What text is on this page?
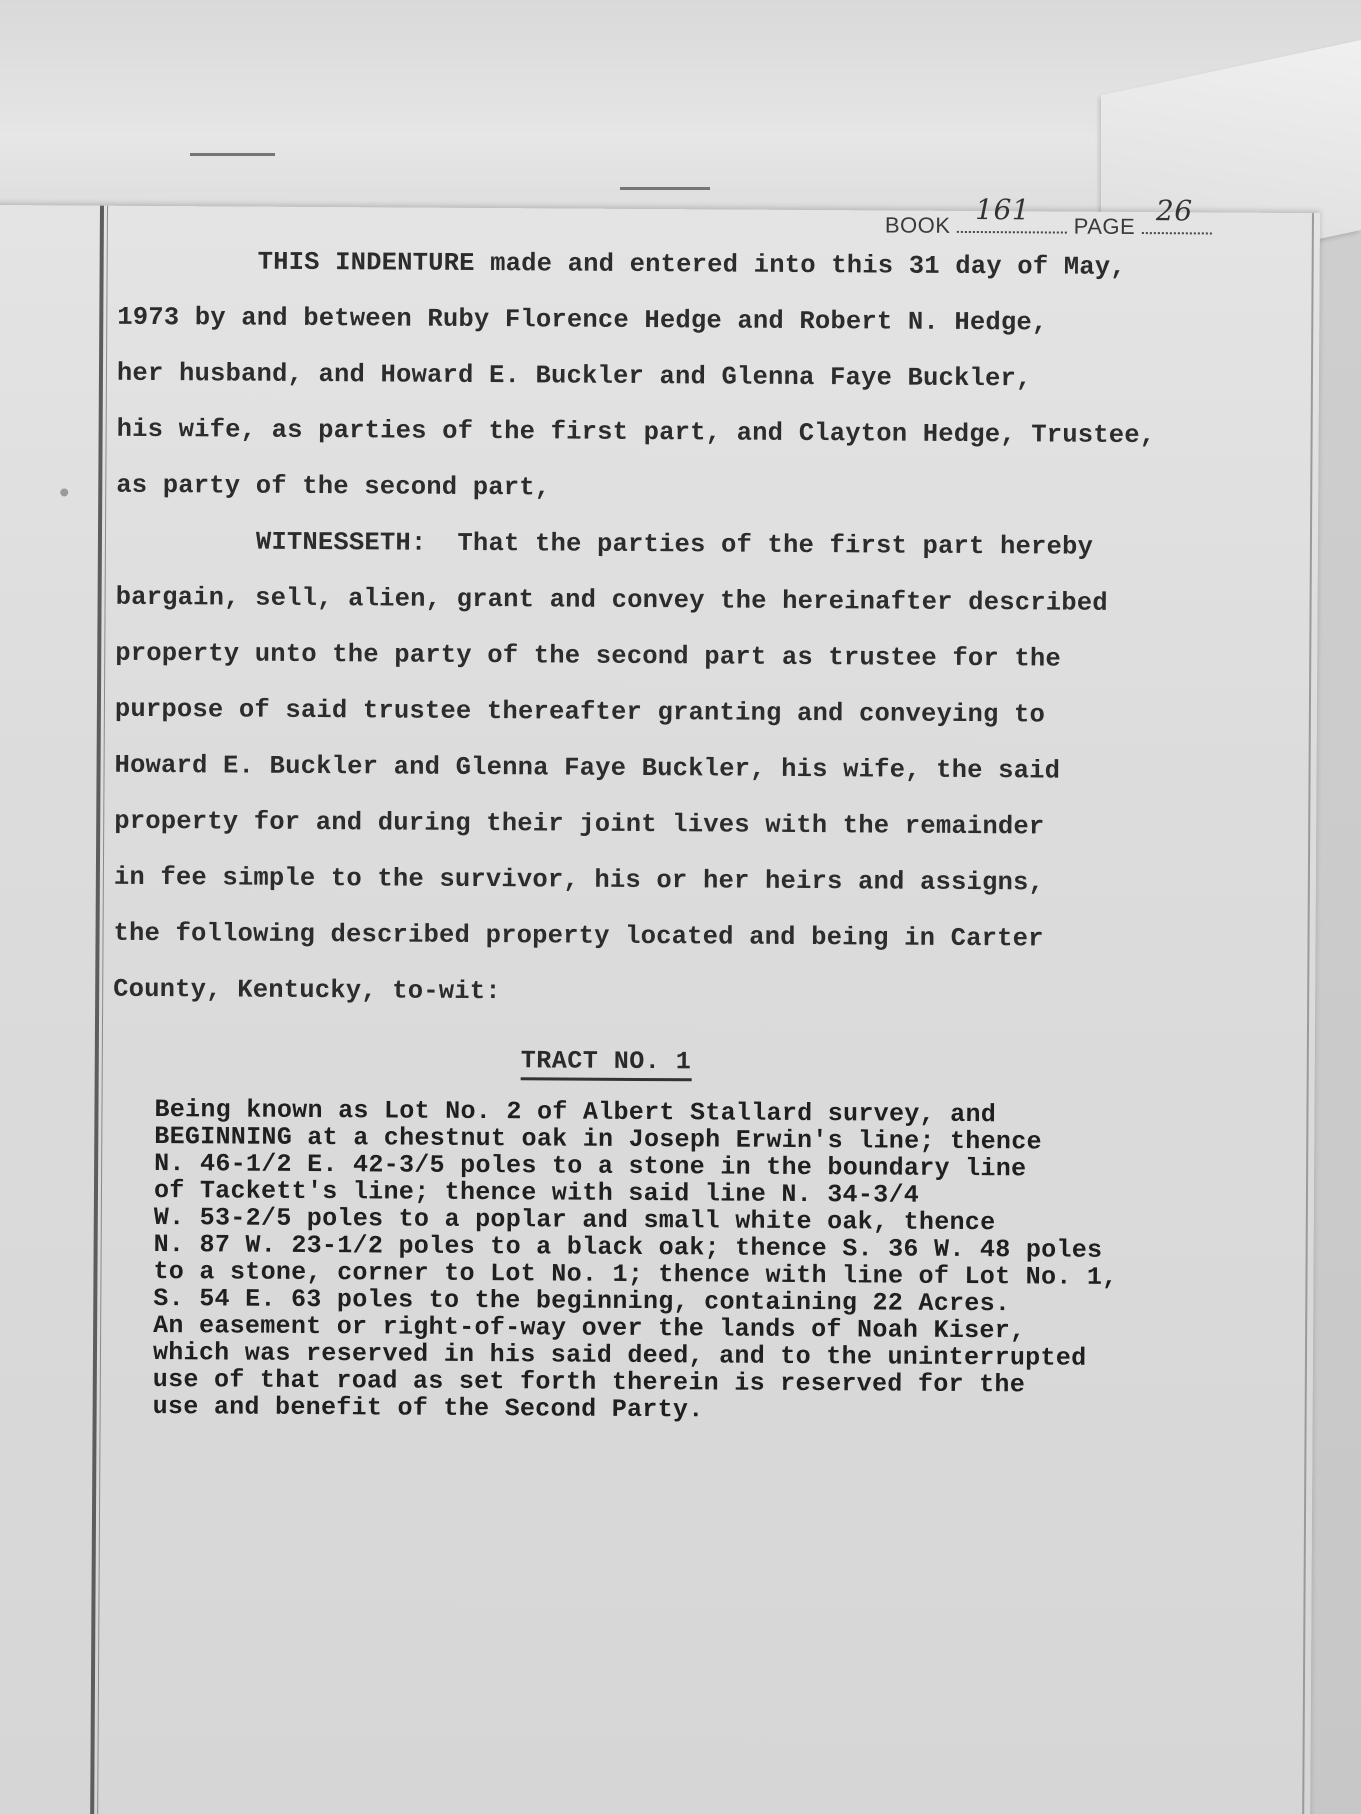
BOOK 161 PAGE 26

THIS INDENTURE made and entered into this 31 day of May,

1973 by and between Ruby Florence Hedge and Robert N. Hedge,

her husband, and Howard E. Buckler and Glenna Faye Buckler,

his wife, as parties of the first part, and Clayton Hedge, Trustee,

as party of the second part,

WITNESSETH:  That the parties of the first part hereby

bargain, sell, alien, grant and convey the hereinafter described

property unto the party of the second part as trustee for the

purpose of said trustee thereafter granting and conveying to

Howard E. Buckler and Glenna Faye Buckler, his wife, the said

property for and during their joint lives with the remainder

in fee simple to the survivor, his or her heirs and assigns,

the following described property located and being in Carter

County, Kentucky, to-wit:

TRACT NO. 1

Being known as Lot No. 2 of Albert Stallard survey, and

BEGINNING at a chestnut oak in Joseph Erwin's line; thence

N. 46-1/2 E. 42-3/5 poles to a stone in the boundary line

of Tackett's line; thence with said line N. 34-3/4

W. 53-2/5 poles to a poplar and small white oak, thence

N. 87 W. 23-1/2 poles to a black oak; thence S. 36 W. 48 poles

to a stone, corner to Lot No. 1; thence with line of Lot No. 1,

S. 54 E. 63 poles to the beginning, containing 22 Acres.

An easement or right-of-way over the lands of Noah Kiser,

which was reserved in his said deed, and to the uninterrupted

use of that road as set forth therein is reserved for the

use and benefit of the Second Party.
